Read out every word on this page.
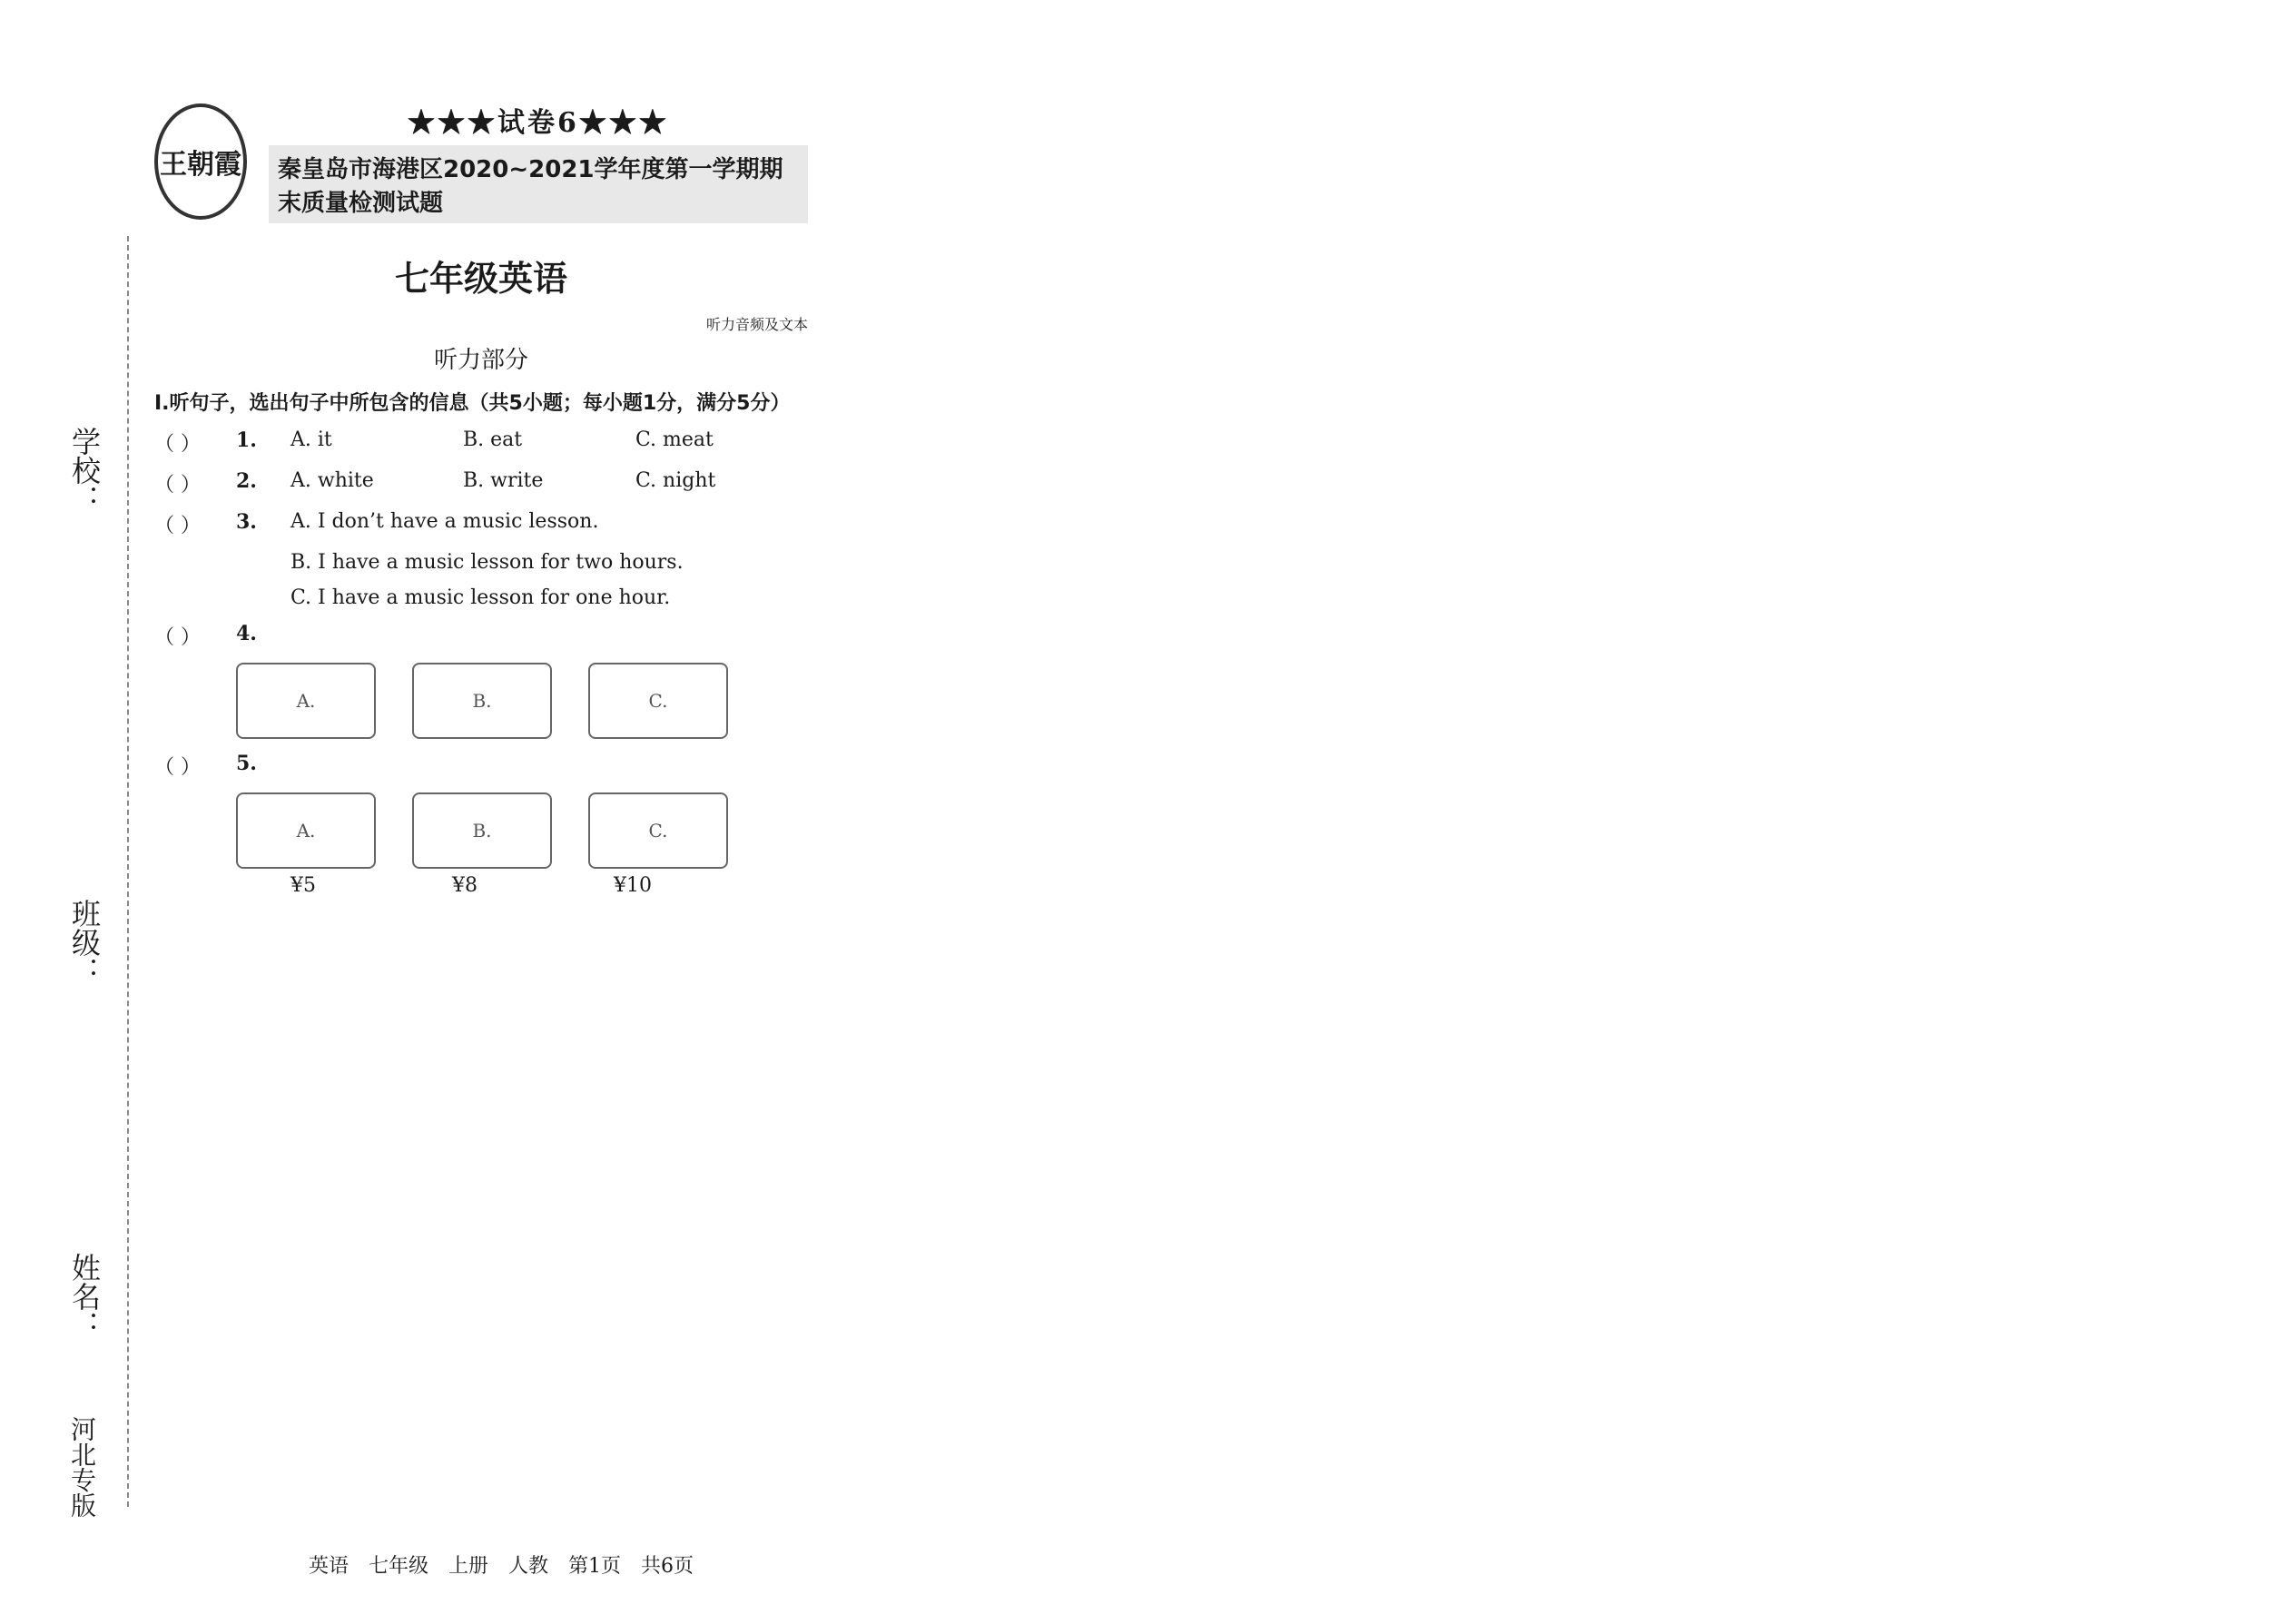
学校：
班级：
姓名：
河北专版
王朝霞
★★★试卷6★★★
秦皇岛市海港区2020~2021学年度第一学期期末质量检测试题
七年级英语
听力音频及文本
听力部分
Ⅰ.听句子，选出句子中所包含的信息（共5小题；每小题1分，满分5分）
（ ）	1.	A. it	B. eat	C. meat
（ ）	2.	A. white	B. write	C. night
（ ）	3.	A. I don’t have a music lesson.
B. I have a music lesson for two hours.
C. I have a music lesson for one hour.
（ ）	4.
A.	B.	C.
（ ）	5.
A.	B.	C.
¥5	¥8	¥10
英语　七年级　上册　人教　第1页　共6页
